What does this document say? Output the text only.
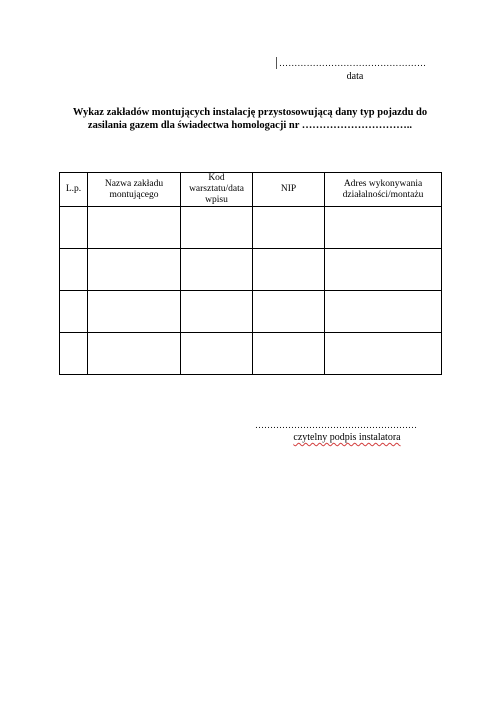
…………………………………………
data
Wykaz zakładów montujących instalację przystosowującą dany typ pojazdu do zasilania gazem dla świadectwa homologacji nr …………………………..
L.p.	Nazwa zakładu montującego	Kod warsztatu/data wpisu	NIP	Adres wykonywania działalności/montażu

………………………………………………
czytelny podpis instalatora
